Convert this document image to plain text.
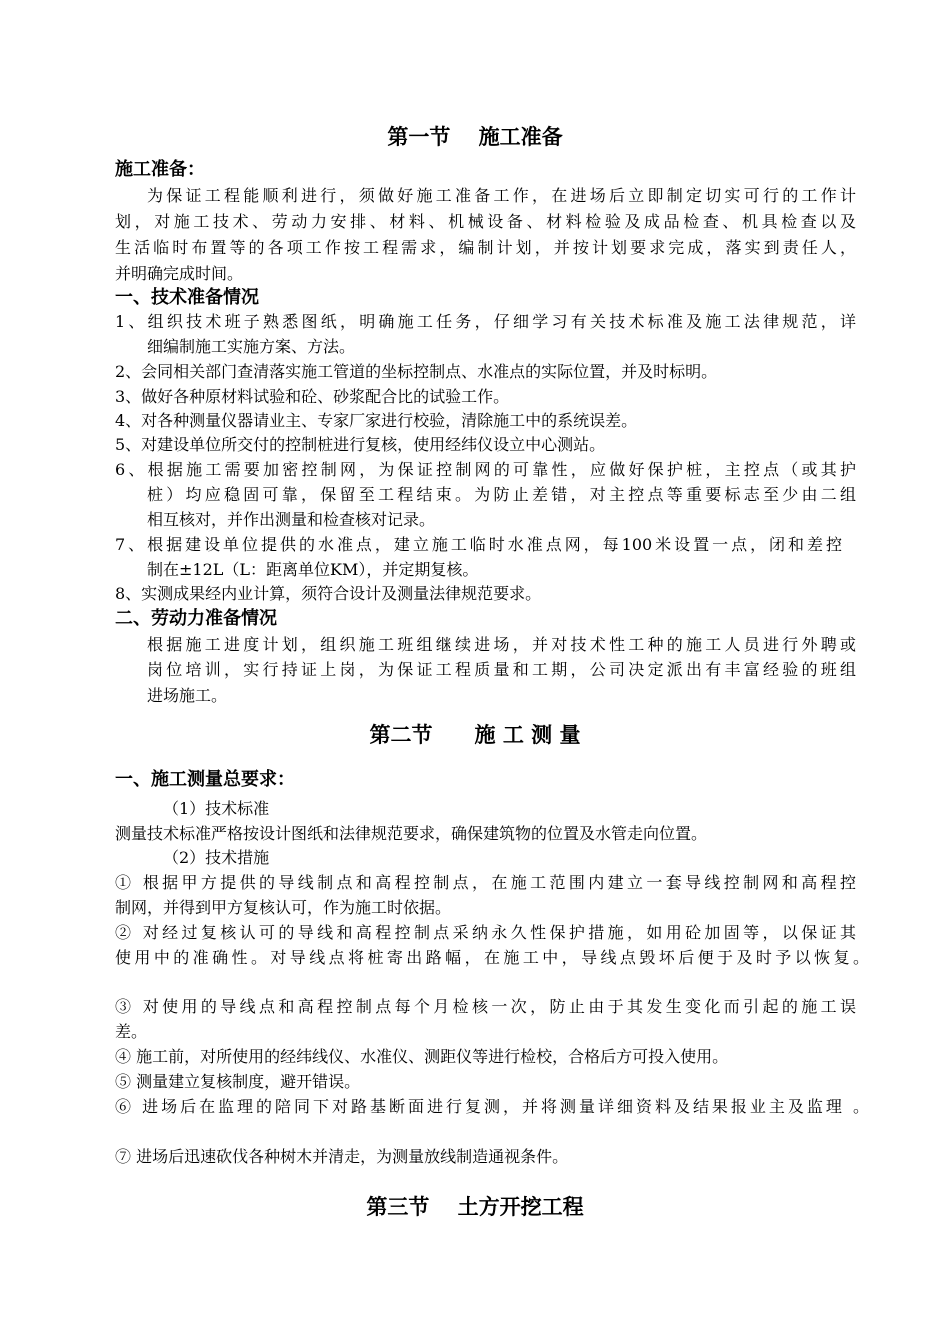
第一节　 施工准备
施工准备：
为保证工程能顺利进行，须做好施工准备工作，在进场后立即制定切实可行的工作计
划，对施工技术、劳动力安排、材料、机械设备、材料检验及成品检查、机具检查以及
生活临时布置等的各项工作按工程需求，编制计划，并按计划要求完成，落实到责任人，
并明确完成时间。
一、技术准备情况
1、组织技术班子熟悉图纸，明确施工任务，仔细学习有关技术标准及施工法律规范，详
细编制施工实施方案、方法。
2、会同相关部门查清落实施工管道的坐标控制点、水准点的实际位置，并及时标明。
3、做好各种原材料试验和砼、砂浆配合比的试验工作。
4、对各种测量仪器请业主、专家厂家进行校验，清除施工中的系统误差。
5、对建设单位所交付的控制桩进行复核，使用经纬仪设立中心测站。
6、根据施工需要加密控制网，为保证控制网的可靠性，应做好保护桩，主控点（或其护
桩）均应稳固可靠，保留至工程结束。为防止差错，对主控点等重要标志至少由二组
相互核对，并作出测量和检查核对记录。
7、根据建设单位提供的水准点，建立施工临时水准点网，每100米设置一点，闭和差控
制在±12L（L：距离单位KM），并定期复核。
8、实测成果经内业计算，须符合设计及测量法律规范要求。
二、劳动力准备情况
根据施工进度计划，组织施工班组继续进场，并对技术性工种的施工人员进行外聘或
岗位培训，实行持证上岗，为保证工程质量和工期，公司决定派出有丰富经验的班组
进场施工。
第二节　　施 工 测 量
一、施工测量总要求：
（1）技术标准
测量技术标准严格按设计图纸和法律规范要求，确保建筑物的位置及水管走向位置。
（2）技术措施
① 根据甲方提供的导线制点和高程控制点，在施工范围内建立一套导线控制网和高程控
制网，并得到甲方复核认可，作为施工时依据。
② 对经过复核认可的导线和高程控制点采纳永久性保护措施，如用砼加固等，以保证其
使用中的准确性。对导线点将桩寄出路幅，在施工中，导线点毁坏后便于及时予以恢复。
③ 对使用的导线点和高程控制点每个月检核一次，防止由于其发生变化而引起的施工误
差。
④ 施工前，对所使用的经纬线仪、水准仪、测距仪等进行检校，合格后方可投入使用。
⑤ 测量建立复核制度，避开错误。
⑥ 进场后在监理的陪同下对路基断面进行复测，并将测量详细资料及结果报业主及监理 。
⑦ 进场后迅速砍伐各种树木并清走，为测量放线制造通视条件。
第三节　 土方开挖工程
